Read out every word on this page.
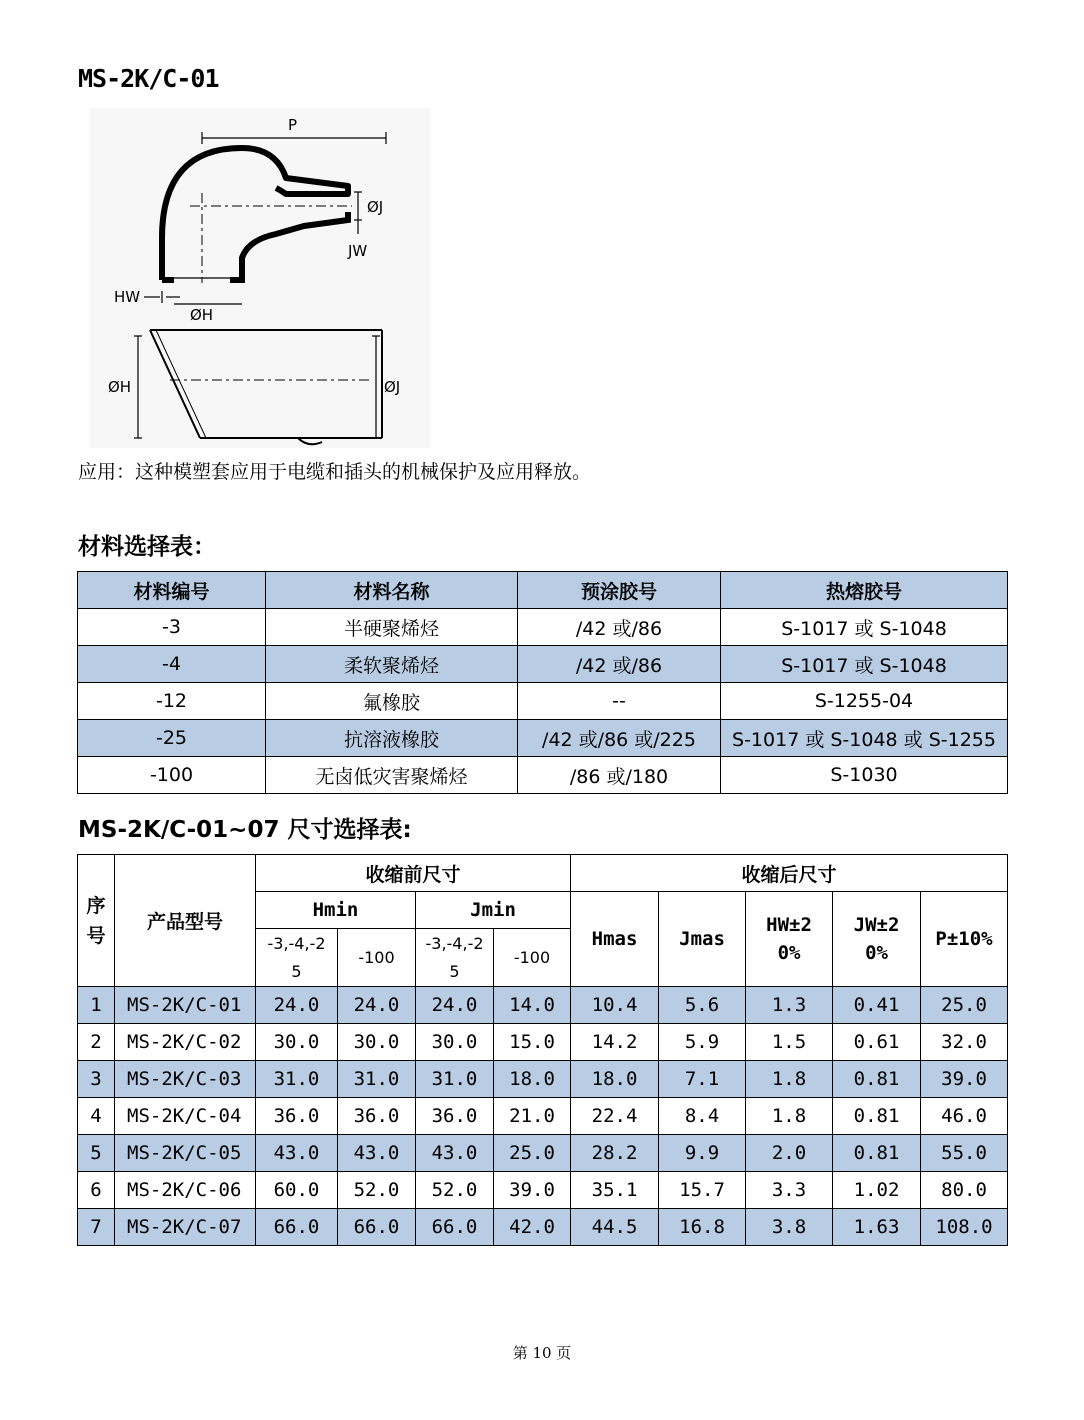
MS-2K/C-01
P
ØJ
JW
HW
ØH
ØH	ØJ
应用：这种模塑套应用于电缆和插头的机械保护及应用释放。
材料选择表：
材料编号	材料名称	预涂胶号	热熔胶号
-3	半硬聚烯烃	/42 或/86	S-1017 或 S-1048
-4	柔软聚烯烃	/42 或/86	S-1017 或 S-1048
-12	氟橡胶	--	S-1255-04
-25	抗溶液橡胶	/42 或/86 或/225	S-1017 或 S-1048 或 S-1255
-100	无卤低灾害聚烯烃	/86 或/180	S-1030
MS-2K/C-01~07 尺寸选择表:
序号	产品型号	收缩前尺寸				收缩后尺寸				
		Hmin		Jmin		Hmas	Jmas	HW±20%	JW±20%	P±10%
		-3,-4,-25	-100	-3,-4,-25	-100					
1	MS-2K/C-01	24.0	24.0	24.0	14.0	10.4	5.6	1.3	0.41	25.0
2	MS-2K/C-02	30.0	30.0	30.0	15.0	14.2	5.9	1.5	0.61	32.0
3	MS-2K/C-03	31.0	31.0	31.0	18.0	18.0	7.1	1.8	0.81	39.0
4	MS-2K/C-04	36.0	36.0	36.0	21.0	22.4	8.4	1.8	0.81	46.0
5	MS-2K/C-05	43.0	43.0	43.0	25.0	28.2	9.9	2.0	0.81	55.0
6	MS-2K/C-06	60.0	52.0	52.0	39.0	35.1	15.7	3.3	1.02	80.0
7	MS-2K/C-07	66.0	66.0	66.0	42.0	44.5	16.8	3.8	1.63	108.0
第 10 页
